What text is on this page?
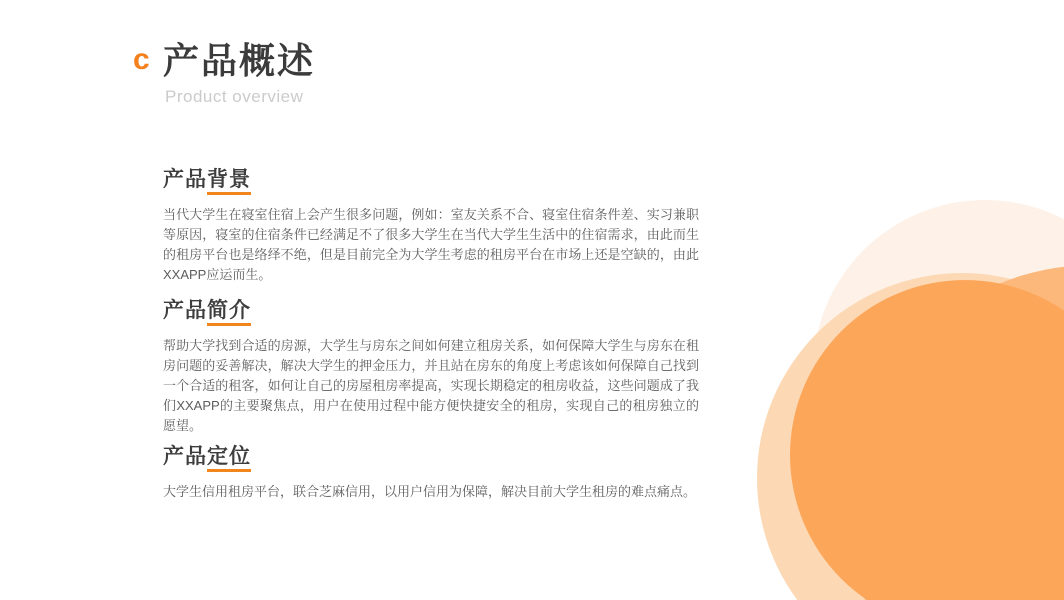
c 产品概述
Product overview
产品背景

当代大学生在寝室住宿上会产生很多问题，例如：室友关系不合、寝室住宿条件差、实习兼职等原因，寝室的住宿条件已经满足不了很多大学生在当代大学生生活中的住宿需求，由此而生的租房平台也是络绎不绝，但是目前完全为大学生考虑的租房平台在市场上还是空缺的，由此XXAPP应运而生。

产品简介

帮助大学找到合适的房源，大学生与房东之间如何建立租房关系，如何保障大学生与房东在租房问题的妥善解决，解决大学生的押金压力，并且站在房东的角度上考虑该如何保障自己找到一个合适的租客，如何让自己的房屋租房率提高，实现长期稳定的租房收益，这些问题成了我们XXAPP的主要聚焦点，用户在使用过程中能方便快捷安全的租房，实现自己的租房独立的愿望。

产品定位

大学生信用租房平台，联合芝麻信用，以用户信用为保障，解决目前大学生租房的难点痛点。
